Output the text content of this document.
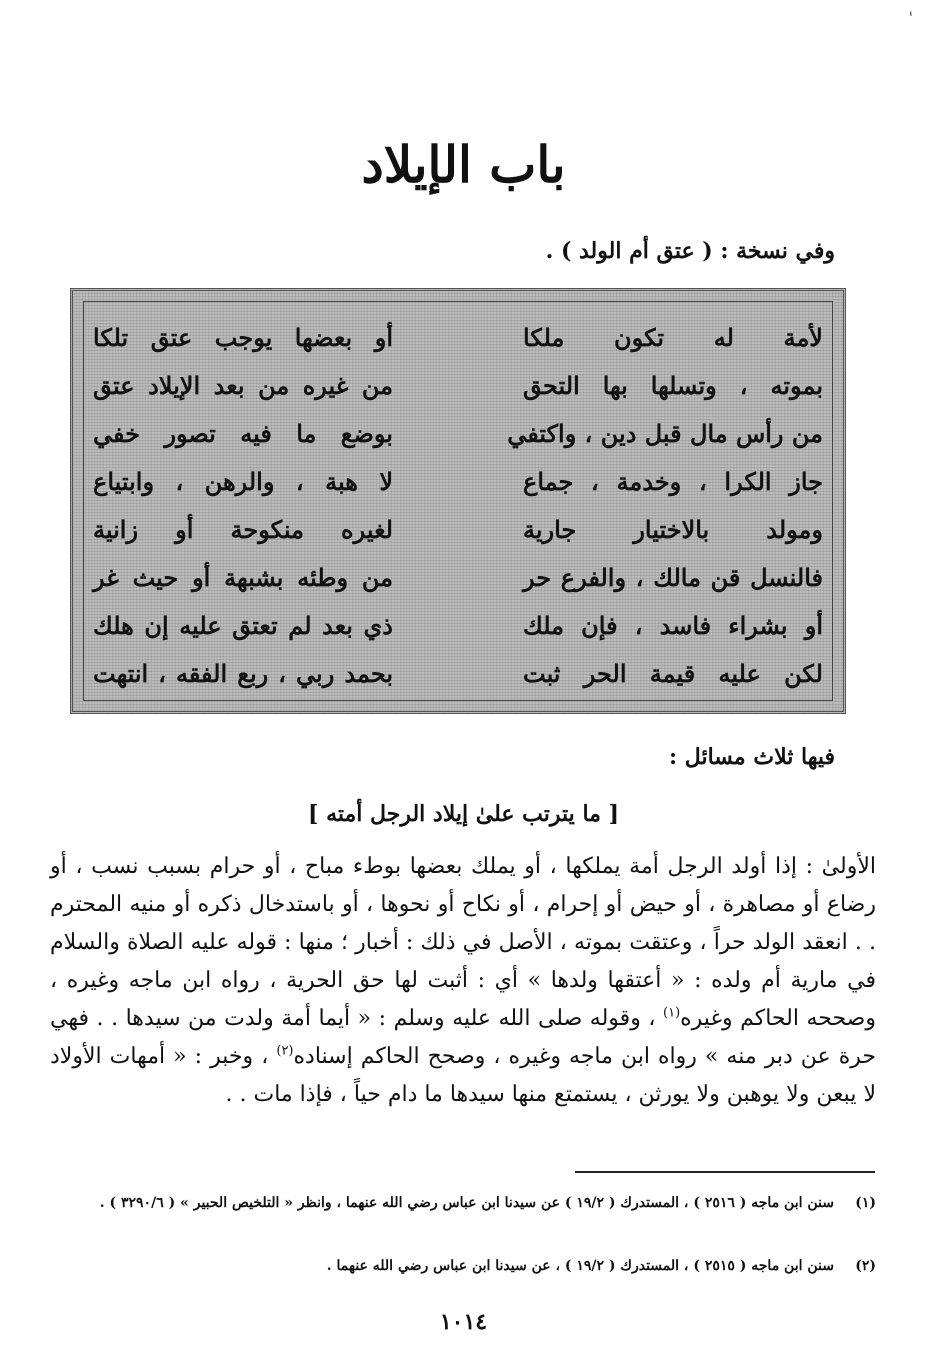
'
باب الإيلاد
وفي نسخة : ( عتق أم الولد ) .
لأمة له تكون ملكا
أو بعضها يوجب عتق تلكا
بموته ، وتسلها بها التحق
من غيره من بعد الإيلاد عتق
من رأس مال قبل دين ، واكتفي
بوضع ما فيه تصور خفي
جاز الكرا ، وخدمة ، جماع
لا هبة ، والرهن ، وابتياع
ومولد بالاختيار جارية
لغيره منكوحة أو زانية
فالنسل قن مالك ، والفرع حر
من وطئه بشبهة أو حيث غر
أو بشراء فاسد ، فإن ملك
ذي بعد لم تعتق عليه إن هلك
لكن عليه قيمة الحر ثبت
بحمد ربي ، ربع الفقه ، انتهت
فيها ثلاث مسائل :
[ ما يترتب علىٰ إيلاد الرجل أمته ]
الأولىٰ : إذا أولد الرجل أمة يملكها ، أو يملك بعضها بوطء مباح ، أو حرام بسبب نسب ، أو رضاع أو مصاهرة ، أو حيض أو إحرام ، أو نكاح أو نحوها ، أو باستدخال ذكره أو منيه المحترم . . انعقد الولد حراً ، وعتقت بموته ، الأصل في ذلك : أخبار ؛ منها : قوله عليه الصلاة والسلام في مارية أم ولده : « أعتقها ولدها » أي : أثبت لها حق الحرية ، رواه ابن ماجه وغيره ، وصححه الحاكم وغيره$^{(١)}$ ، وقوله صلى الله عليه وسلم : « أيما أمة ولدت من سيدها . . فهي حرة عن دبر منه » رواه ابن ماجه وغيره ، وصحح الحاكم إسناده$^{(٢)}$ ، وخبر : « أمهات الأولاد لا يبعن ولا يوهبن ولا يورثن ، يستمتع منها سيدها ما دام حياً ، فإذا مات . .
(١)سنن ابن ماجه ( ٢٥١٦ ) ، المستدرك ( ١٩/٢ ) عن سيدنا ابن عباس رضي الله عنهما ، وانظر « التلخيص الحبير » ( ٣٢٩٠/٦ ) .
(٢)سنن ابن ماجه ( ٢٥١٥ ) ، المستدرك ( ١٩/٢ ) ، عن سيدنا ابن عباس رضي الله عنهما .
١٠١٤
